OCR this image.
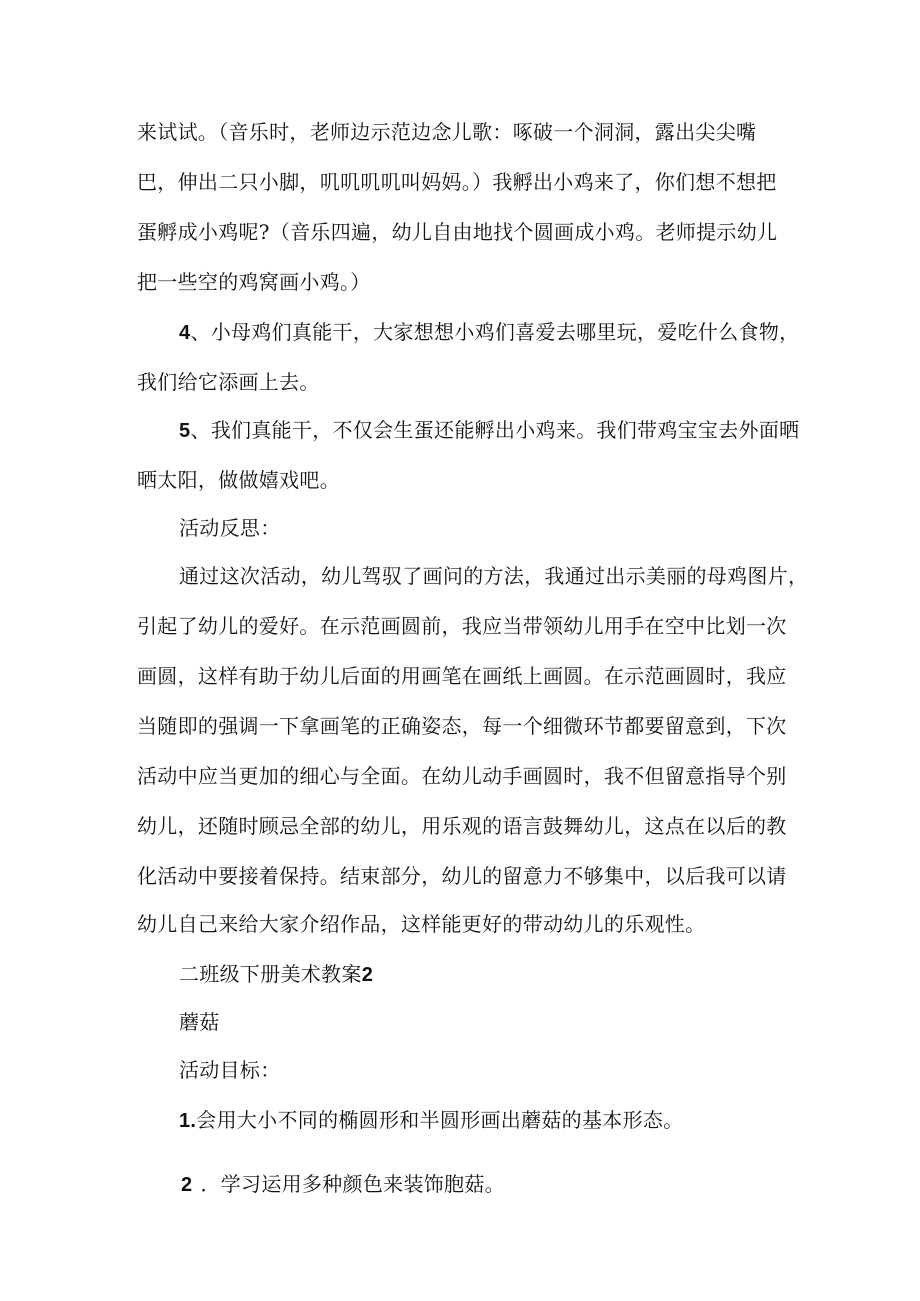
来试试。（音乐时，老师边示范边念儿歌：啄破一个洞洞，露出尖尖嘴
巴，伸出二只小脚，叽叽叽叽叫妈妈。）我孵出小鸡来了，你们想不想把
蛋孵成小鸡呢?（音乐四遍，幼儿自由地找个圆画成小鸡。老师提示幼儿
把一些空的鸡窝画小鸡。）
4、小母鸡们真能干，大家想想小鸡们喜爱去哪里玩，爱吃什么食物，
我们给它添画上去。
5、我们真能干，不仅会生蛋还能孵出小鸡来。我们带鸡宝宝去外面晒
晒太阳，做做嬉戏吧。
活动反思：
通过这次活动，幼儿驾驭了画问的方法，我通过出示美丽的母鸡图片，
引起了幼儿的爱好。在示范画圆前，我应当带领幼儿用手在空中比划一次
画圆，这样有助于幼儿后面的用画笔在画纸上画圆。在示范画圆时，我应
当随即的强调一下拿画笔的正确姿态，每一个细微环节都要留意到，下次
活动中应当更加的细心与全面。在幼儿动手画圆时，我不但留意指导个别
幼儿，还随时顾忌全部的幼儿，用乐观的语言鼓舞幼儿，这点在以后的教
化活动中要接着保持。结束部分，幼儿的留意力不够集中，以后我可以请
幼儿自己来给大家介绍作品，这样能更好的带动幼儿的乐观性。
二班级下册美术教案2
蘑菇
活动目标：
1.会用大小不同的椭圆形和半圆形画出蘑菇的基本形态。
2 ．学习运用多种颜色来装饰胞菇。
